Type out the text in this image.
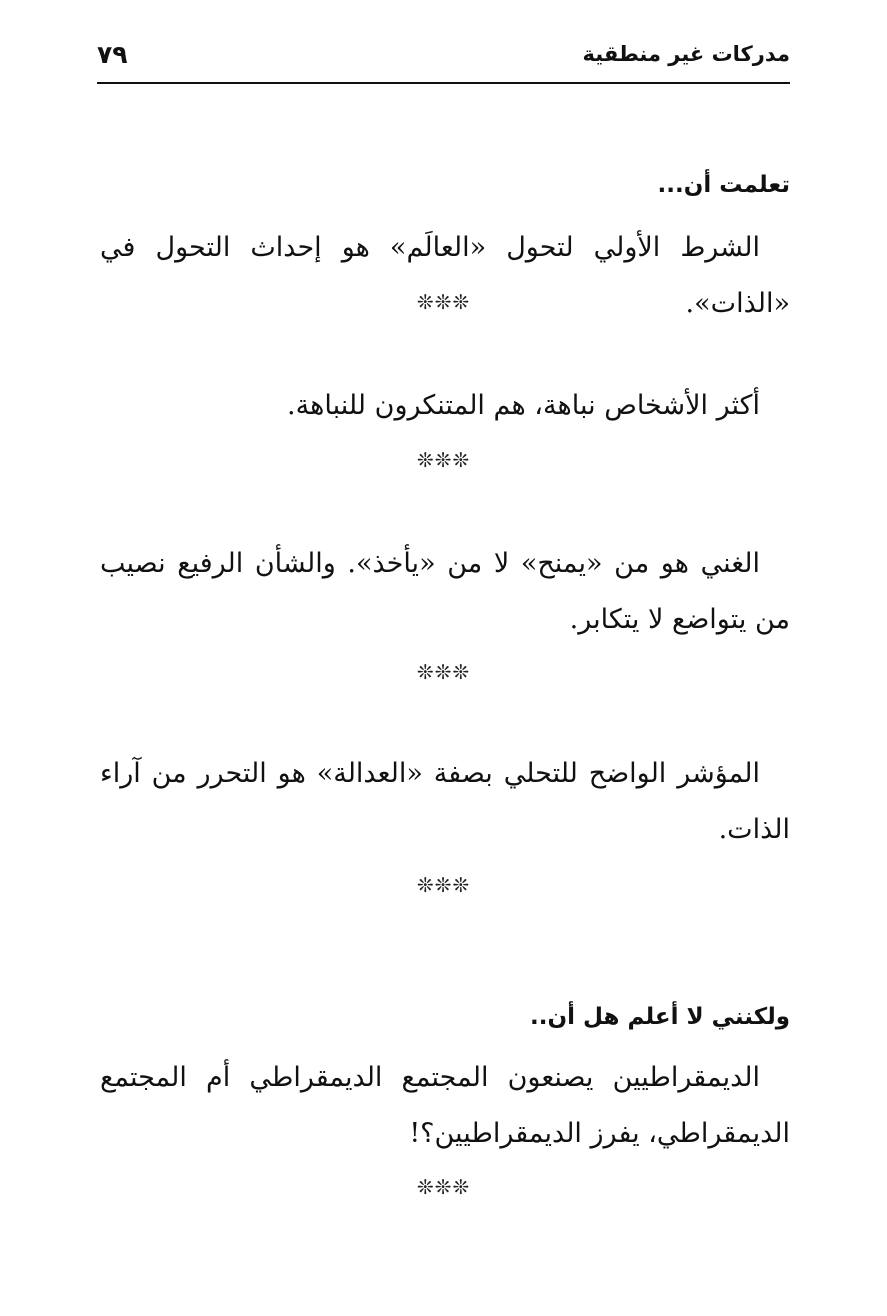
٧٩	مدركات غير منطقية
تعلمت أن...
الشرط الأولي لتحول «العالَم» هو إحداث التحول في «الذات».
❊❊❊
أكثر الأشخاص نباهة، هم المتنكرون للنباهة.
❊❊❊
الغني هو من «يمنح» لا من «يأخذ». والشأن الرفيع نصيب من يتواضع لا يتكابر.
❊❊❊
المؤشر الواضح للتحلي بصفة «العدالة» هو التحرر من آراء الذات.
❊❊❊
ولكنني لا أعلم هل أن..
الديمقراطيين يصنعون المجتمع الديمقراطي أم المجتمع الديمقراطي، يفرز الديمقراطيين؟!
❊❊❊
